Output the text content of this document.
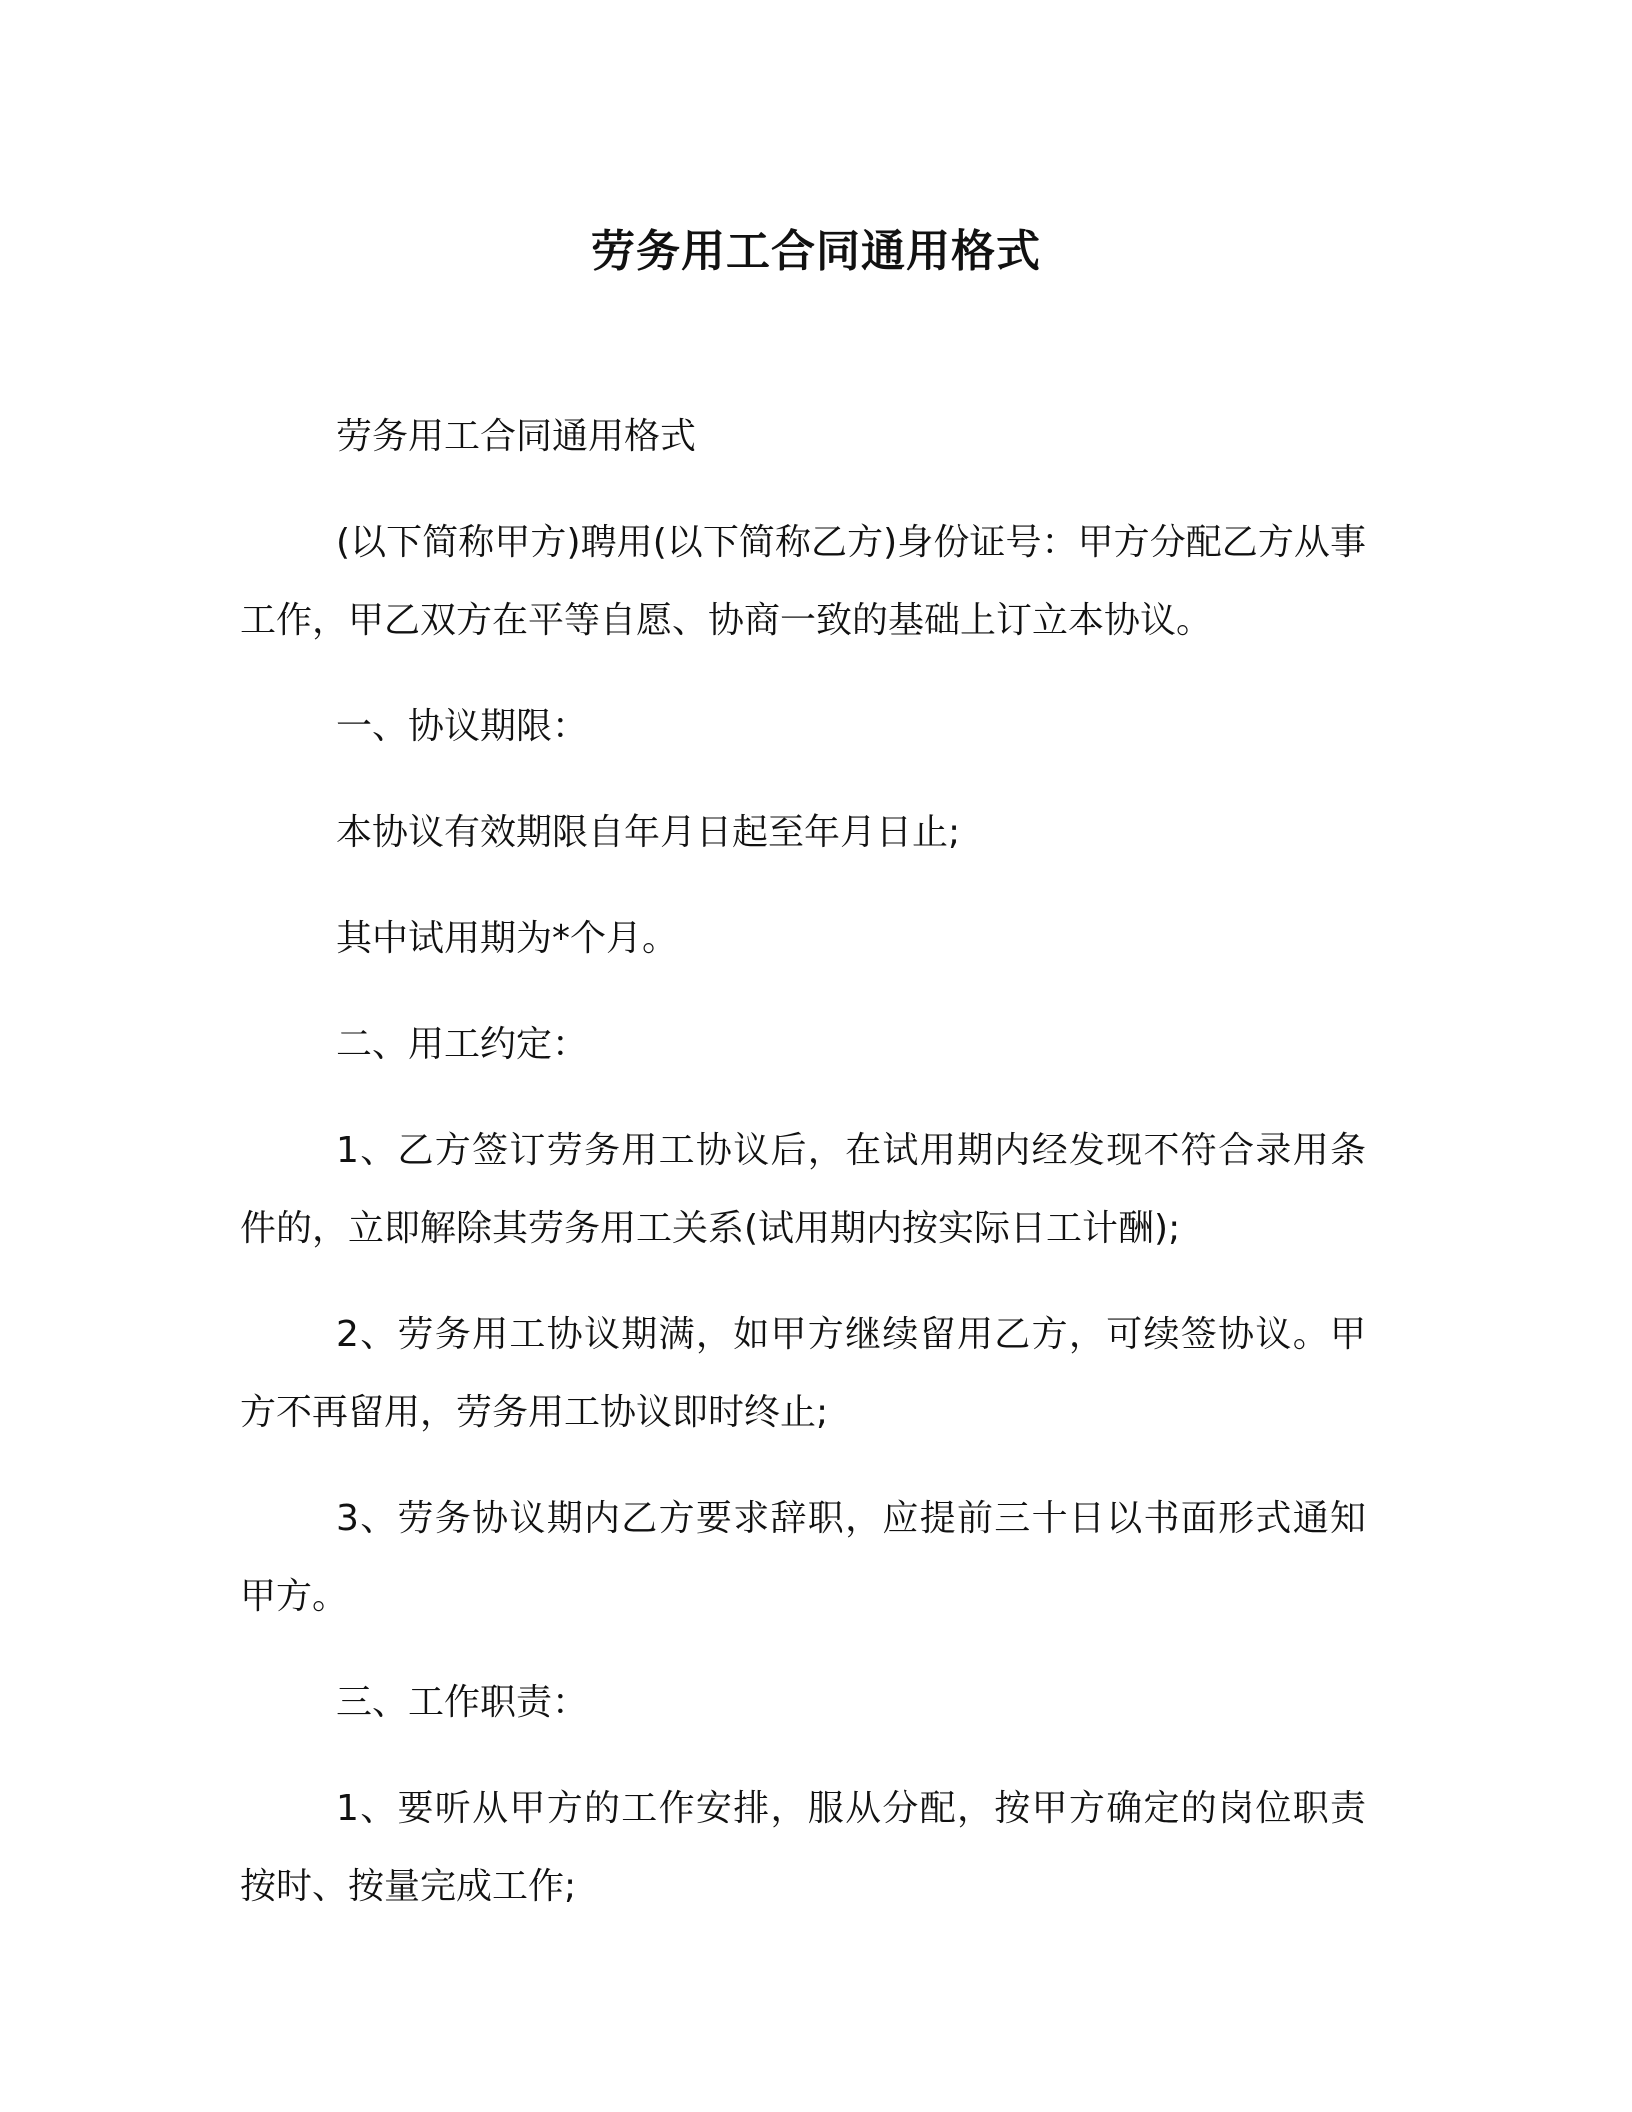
劳务用工合同通用格式

劳务用工合同通用格式

(以下简称甲方)聘用(以下简称乙方)身份证号：甲方分配乙方从事工作，甲乙双方在平等自愿、协商一致的基础上订立本协议。

一、协议期限：

本协议有效期限自年月日起至年月日止;

其中试用期为*个月。

二、用工约定：

1、乙方签订劳务用工协议后，在试用期内经发现不符合录用条件的，立即解除其劳务用工关系(试用期内按实际日工计酬);

2、劳务用工协议期满，如甲方继续留用乙方，可续签协议。甲方不再留用，劳务用工协议即时终止;

3、劳务协议期内乙方要求辞职，应提前三十日以书面形式通知甲方。

三、工作职责：

1、要听从甲方的工作安排，服从分配，按甲方确定的岗位职责按时、按量完成工作;
